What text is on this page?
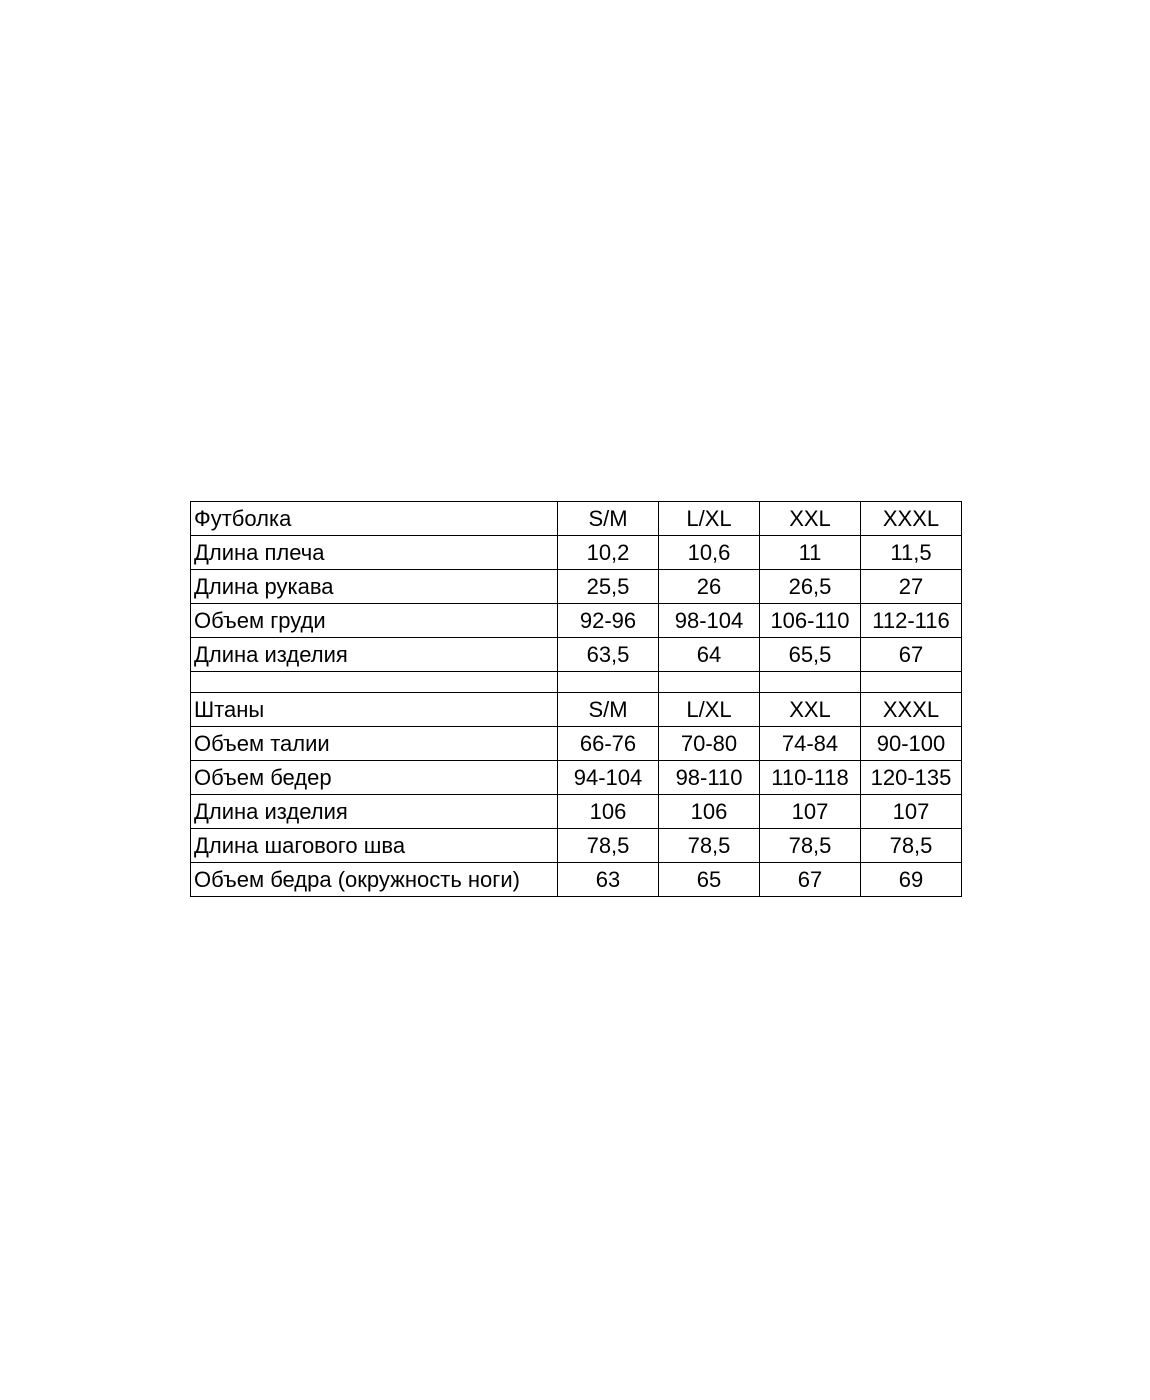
Футболка	S/M	L/XL	XXL	XXXL
Длина плеча	10,2	10,6	11	11,5
Длина рукава	25,5	26	26,5	27
Объем груди	92-96	98-104	106-110	112-116
Длина изделия	63,5	64	65,5	67

Штаны	S/M	L/XL	XXL	XXXL
Объем талии	66-76	70-80	74-84	90-100
Объем бедер	94-104	98-110	110-118	120-135
Длина изделия	106	106	107	107
Длина шагового шва	78,5	78,5	78,5	78,5
Объем бедра (окружность ноги)	63	65	67	69
